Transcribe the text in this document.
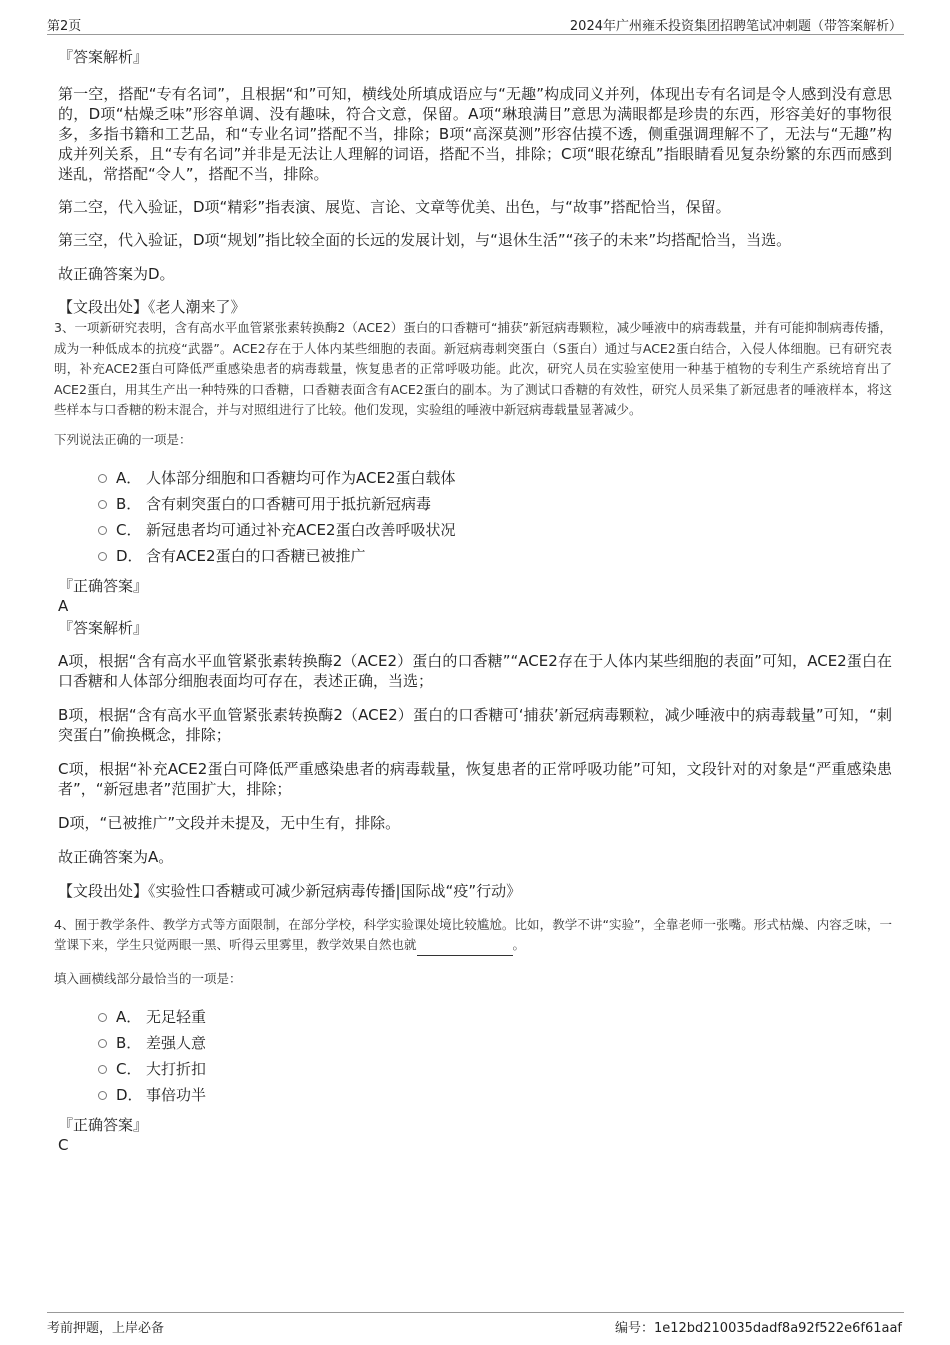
第2页	2024年广州雍禾投资集团招聘笔试冲刺题（带答案解析）

『答案解析』

第一空，搭配“专有名词”，且根据“和”可知，横线处所填成语应与“无趣”构成同义并列，体现出专有名词是令人感到没有意思的，D项“枯燥乏味”形容单调、没有趣味，符合文意，保留。A项“琳琅满目”意思为满眼都是珍贵的东西，形容美好的事物很多，多指书籍和工艺品，和“专业名词”搭配不当，排除；B项“高深莫测”形容估摸不透，侧重强调理解不了，无法与“无趣”构成并列关系，且“专有名词”并非是无法让人理解的词语，搭配不当，排除；C项“眼花缭乱”指眼睛看见复杂纷繁的东西而感到迷乱，常搭配“令人”，搭配不当，排除。

第二空，代入验证，D项“精彩”指表演、展览、言论、文章等优美、出色，与“故事”搭配恰当，保留。

第三空，代入验证，D项“规划”指比较全面的长远的发展计划，与“退休生活”“孩子的未来”均搭配恰当，当选。

故正确答案为D。

【文段出处】《老人潮来了》

3、一项新研究表明，含有高水平血管紧张素转换酶2（ACE2）蛋白的口香糖可“捕获”新冠病毒颗粒，减少唾液中的病毒载量，并有可能抑制病毒传播，成为一种低成本的抗疫“武器”。ACE2存在于人体内某些细胞的表面。新冠病毒刺突蛋白（S蛋白）通过与ACE2蛋白结合，入侵人体细胞。已有研究表明，补充ACE2蛋白可降低严重感染患者的病毒载量，恢复患者的正常呼吸功能。此次，研究人员在实验室使用一种基于植物的专利生产系统培育出了ACE2蛋白，用其生产出一种特殊的口香糖，口香糖表面含有ACE2蛋白的副本。为了测试口香糖的有效性，研究人员采集了新冠患者的唾液样本，将这些样本与口香糖的粉末混合，并与对照组进行了比较。他们发现，实验组的唾液中新冠病毒载量显著减少。

下列说法正确的一项是：

A． 人体部分细胞和口香糖均可作为ACE2蛋白载体
B． 含有刺突蛋白的口香糖可用于抵抗新冠病毒
C． 新冠患者均可通过补充ACE2蛋白改善呼吸状况
D． 含有ACE2蛋白的口香糖已被推广

『正确答案』

A

『答案解析』

A项，根据“含有高水平血管紧张素转换酶2（ACE2）蛋白的口香糖”“ACE2存在于人体内某些细胞的表面”可知，ACE2蛋白在口香糖和人体部分细胞表面均可存在，表述正确，当选；

B项，根据“含有高水平血管紧张素转换酶2（ACE2）蛋白的口香糖可‘捕获’新冠病毒颗粒，减少唾液中的病毒载量”可知，“刺突蛋白”偷换概念，排除；

C项，根据“补充ACE2蛋白可降低严重感染患者的病毒载量，恢复患者的正常呼吸功能”可知，文段针对的对象是“严重感染患者”，“新冠患者”范围扩大，排除；

D项，“已被推广”文段并未提及，无中生有，排除。

故正确答案为A。

【文段出处】《实验性口香糖或可减少新冠病毒传播|国际战“疫”行动》

4、囿于教学条件、教学方式等方面限制，在部分学校，科学实验课处境比较尴尬。比如，教学不讲“实验”，全靠老师一张嘴。形式枯燥、内容乏味，一堂课下来，学生只觉两眼一黑、听得云里雾里，教学效果自然也就	。

填入画横线部分最恰当的一项是：

A． 无足轻重
B． 差强人意
C． 大打折扣
D． 事倍功半

『正确答案』

C

考前押题，上岸必备	编号：1e12bd210035dadf8a92f522e6f61aaf
